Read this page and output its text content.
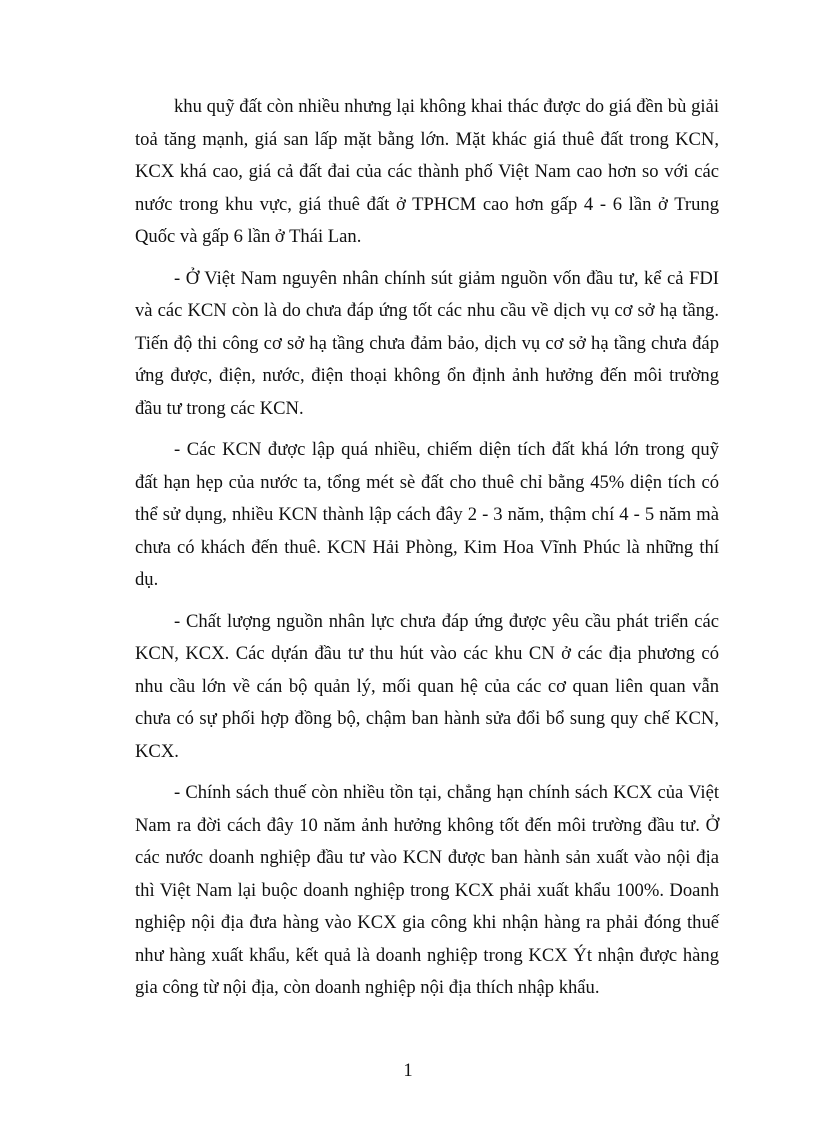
khu quỹ đất còn nhiều nhưng lại không khai thác được do giá đền bù giải toả tăng mạnh, giá san lấp mặt bằng lớn. Mặt khác giá thuê đất trong KCN, KCX khá cao, giá cả đất đai của các thành phố Việt Nam cao hơn so với các nước trong khu vực, giá thuê đất ở TPHCM cao hơn gấp 4 - 6 lần ở Trung Quốc và gấp 6 lần ở Thái Lan.

- Ở Việt Nam nguyên nhân chính sút giảm nguồn vốn đầu tư, kể cả FDI và các KCN còn là do chưa đáp ứng tốt các nhu cầu về dịch vụ cơ sở hạ tầng. Tiến độ thi công cơ sở hạ tầng chưa đảm bảo, dịch vụ cơ sở hạ tầng chưa đáp ứng được, điện, nước, điện thoại không ổn định ảnh hưởng đến môi trường đầu tư trong các KCN.

- Các KCN được lập quá nhiều, chiếm diện tích đất khá lớn trong quỹ đất hạn hẹp của nước ta, tổng mét sè đất cho thuê chỉ bằng 45% diện tích có thể sử dụng, nhiều KCN thành lập cách đây 2 - 3 năm, thậm chí 4 - 5 năm mà chưa có khách đến thuê. KCN Hải Phòng, Kim Hoa Vĩnh Phúc là những thí dụ.

- Chất lượng nguồn nhân lực chưa đáp ứng được yêu cầu phát triển các KCN, KCX. Các dựán đầu tư thu hút vào các khu CN ở các địa phương có nhu cầu lớn về cán bộ quản lý, mối quan hệ của các cơ quan liên quan vẫn chưa có sự phối hợp đồng bộ, chậm ban hành sửa đổi bổ sung quy chế KCN, KCX.

- Chính sách thuế còn nhiều tồn tại, chẳng hạn chính sách KCX của Việt Nam ra đời cách đây 10 năm ảnh hưởng không tốt đến môi trường đầu tư. Ở các nước doanh nghiệp đầu tư vào KCN được ban hành sản xuất vào nội địa thì Việt Nam lại buộc doanh nghiệp trong KCX phải xuất khẩu 100%. Doanh nghiệp nội địa đưa hàng vào KCX gia công khi nhận hàng ra phải đóng thuế như hàng xuất khẩu, kết quả là doanh nghiệp trong KCX Ýt nhận được hàng gia công từ nội địa, còn doanh nghiệp nội địa thích nhập khẩu.

1
